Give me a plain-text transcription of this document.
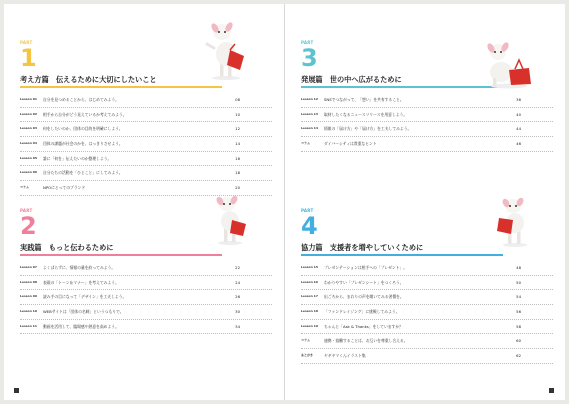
PART
1
考え方篇　伝えるために大切にしたいこと
Lesson 01 自分を見つめることから、はじめてみよう。	08
Lesson 02 相手から自分がどう見えているか考えてみよう。	10
Lesson 03 何をしたいのか、団体の目的を明確にしよう。	12
Lesson 04 団体の課題が社会のかを、はっきりさせよう。	14
Lesson 05 誰に「何を」伝えたいのか整理しよう。	16
Lesson 06 自分たちの活動を「ひとこと」にしてみよう。	18
コラム	NPOにとってのブランド	20
PART
2
実践篇　もっと伝わるために
Lesson 07 よくばらずに、情報の量を絞ってみよう。	22
Lesson 08 表現の「トーン＆マナー」を考えてみよう。	24
Lesson 09 読み手の目になって「デザイン」を工夫しよう。	26
Lesson 10 WEBサイトは「団体の名刺」というつもりで。	30
Lesson 11 動画を活用して、臨場感や熱意を高めよう。	34
PART
3
発展篇　世の中へ広がるために
Lesson 12 SNSでつながって、「想い」を共有すること。	36
Lesson 13 取材したくなるニュースリリースを用意しよう。	40
Lesson 14 情報の「届け方」や「届け方」を工夫してみよう。	44
コラム	ダイバーシティは貴重なヒント	46
PART
4
協力篇　支援者を増やしていくために
Lesson 15 プレゼンテーションは相手への「プレゼント」。	48
Lesson 16 わかりやすい「プレゼンシート」をつくろう。	50
Lesson 17 出ごろから、まわりの声を聞いてみる習慣を。	54
Lesson 18 「ファンドレイジング」に挑戦してみよう。	56
Lesson 19 ちゃんと「Ask & Thanks」をしていますか？	58
コラム	連携・協働することは、お互いを尊重し合える。	60
あとがき	ヤギヤマくんイラスト集	62
